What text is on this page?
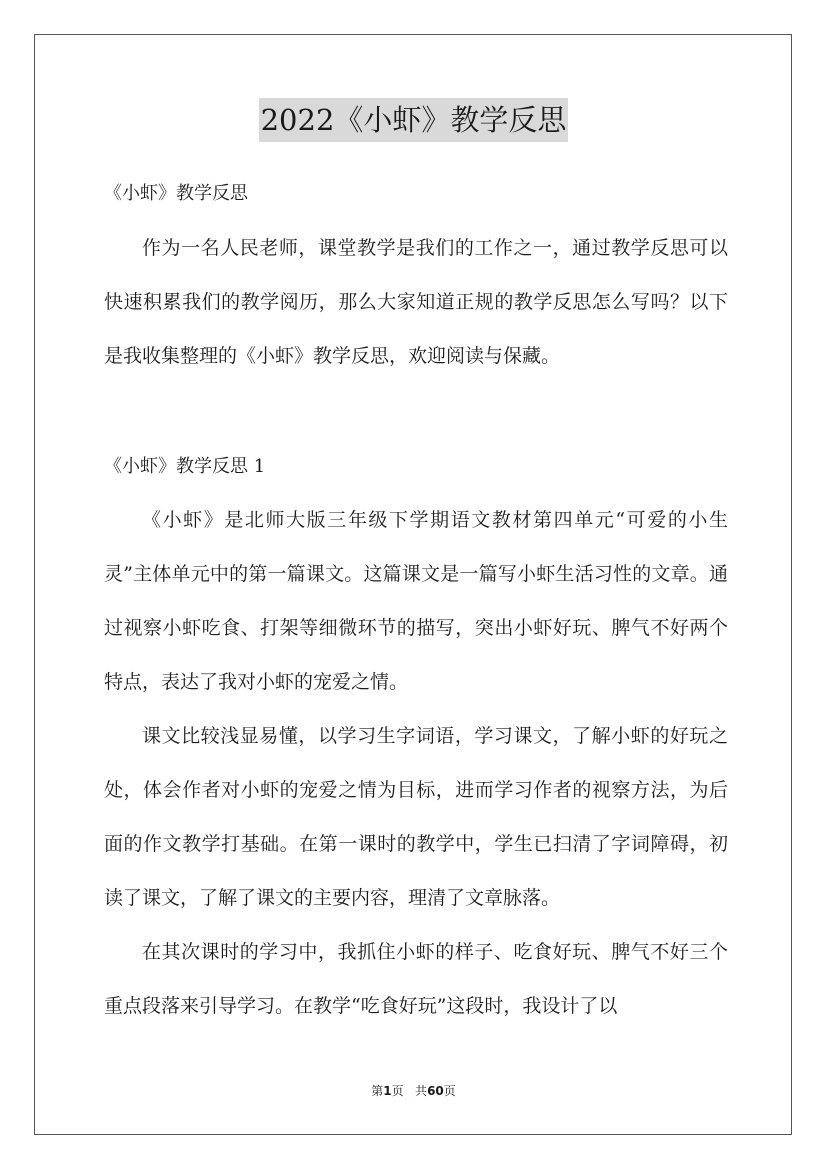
2022《小虾》教学反思
《小虾》教学反思

作为一名人民老师，课堂教学是我们的工作之一，通过教学反思可以快速积累我们的教学阅历，那么大家知道正规的教学反思怎么写吗？以下是我收集整理的《小虾》教学反思，欢迎阅读与保藏。

《小虾》教学反思 1

《小虾》是北师大版三年级下学期语文教材第四单元“可爱的小生灵”主体单元中的第一篇课文。这篇课文是一篇写小虾生活习性的文章。通过视察小虾吃食、打架等细微环节的描写，突出小虾好玩、脾气不好两个特点，表达了我对小虾的宠爱之情。

课文比较浅显易懂，以学习生字词语，学习课文，了解小虾的好玩之处，体会作者对小虾的宠爱之情为目标，进而学习作者的视察方法，为后面的作文教学打基础。在第一课时的教学中，学生已扫清了字词障碍，初读了课文，了解了课文的主要内容，理清了文章脉落。

在其次课时的学习中，我抓住小虾的样子、吃食好玩、脾气不好三个重点段落来引导学习。在教学“吃食好玩”这段时，我设计了以

第1页 共60页
